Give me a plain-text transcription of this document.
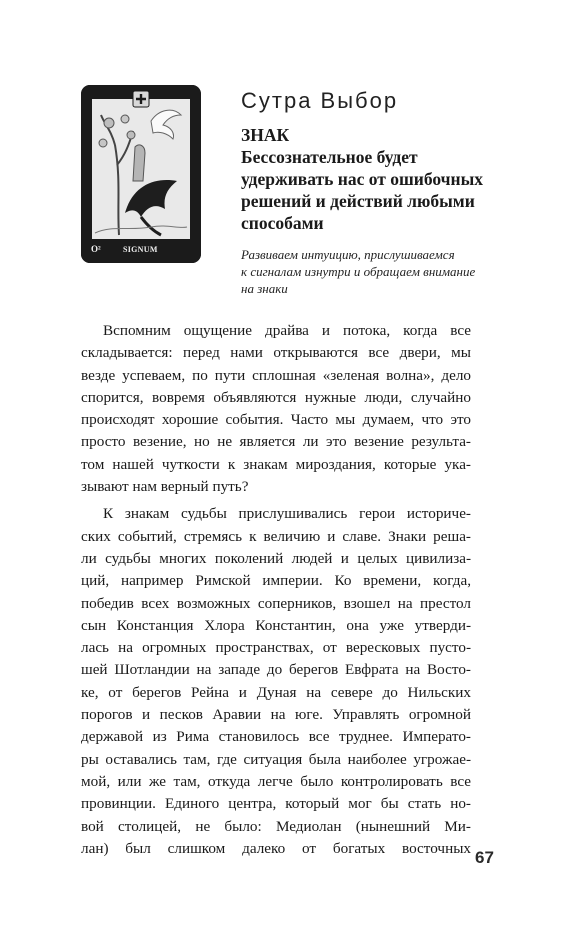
O²	SIGNUM
Сутра Выбор
ЗНАК
Бессознательное будет
удерживать нас от ошибочных
решений и действий любыми
способами
Развиваем интуицию, прислушиваемся
к сигналам изнутри и обращаем внимание
на знаки
Вспомним ощущение драйва и потока, когда все
складывается: перед нами открываются все двери, мы
везде успеваем, по пути сплошная «зеленая волна», дело
спорится, вовремя объявляются нужные люди, случайно
происходят хорошие события. Часто мы думаем, что это
просто везение, но не является ли это везение результа-
том нашей чуткости к знакам мироздания, которые ука-
зывают нам верный путь?
К знакам судьбы прислушивались герои историче-
ских событий, стремясь к величию и славе. Знаки реша-
ли судьбы многих поколений людей и целых цивилиза-
ций, например Римской империи. Ко времени, когда,
победив всех возможных соперников, взошел на престол
сын Констанция Хлора Константин, она уже утверди-
лась на огромных пространствах, от вересковых пусто-
шей Шотландии на западе до берегов Евфрата на Восто-
ке, от берегов Рейна и Дуная на севере до Нильских
порогов и песков Аравии на юге. Управлять огромной
державой из Рима становилось все труднее. Императо-
ры оставались там, где ситуация была наиболее угрожае-
мой, или же там, откуда легче было контролировать все
провинции. Единого центра, который мог бы стать но-
вой столицей, не было: Медиолан (нынешний Ми-
лан) был слишком далеко от богатых восточных 67
